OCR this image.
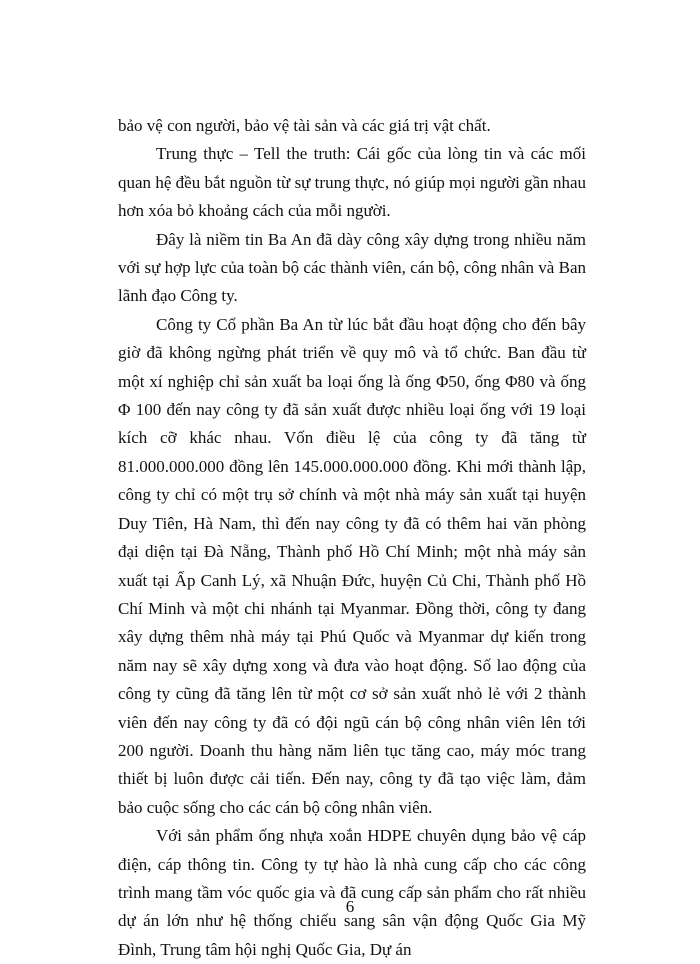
bảo vệ con người, bảo vệ tài sản và các giá trị vật chất.

Trung thực – Tell the truth: Cái gốc của lòng tin và các mối quan hệ đều bắt nguồn từ sự trung thực, nó giúp mọi người gần nhau hơn xóa bỏ khoảng cách của mỗi người.

Đây là niềm tin Ba An đã dày công xây dựng trong nhiều năm với sự hợp lực của toàn bộ các thành viên, cán bộ, công nhân và Ban lãnh đạo Công ty.

Công ty Cổ phần Ba An từ lúc bắt đầu hoạt động cho đến bây giờ đã không ngừng phát triển về quy mô và tổ chức. Ban đầu từ một xí nghiệp chỉ sản xuất ba loại ống là ống Φ50, ống Φ80 và ống Φ 100 đến nay công ty đã sản xuất được nhiều loại ống với 19 loại kích cỡ khác nhau. Vốn điều lệ của công ty đã tăng từ 81.000.000.000 đồng lên 145.000.000.000 đồng. Khi mới thành lập, công ty chỉ có một trụ sở chính và một nhà máy sản xuất tại huyện Duy Tiên, Hà Nam, thì đến nay công ty đã có thêm hai văn phòng đại diện tại Đà Nẵng, Thành phố Hồ Chí Minh; một nhà máy sản xuất tại Ấp Canh Lý, xã Nhuận Đức, huyện Củ Chi, Thành phố Hồ Chí Minh và một chi nhánh tại Myanmar. Đồng thời, công ty đang xây dựng thêm nhà máy tại Phú Quốc và Myanmar dự kiến trong năm nay sẽ xây dựng xong và đưa vào hoạt động. Số lao động của công ty cũng đã tăng lên từ một cơ sở sản xuất nhỏ lẻ với 2 thành viên đến nay công ty đã có đội ngũ cán bộ công nhân viên lên tới 200 người. Doanh thu hàng năm liên tục tăng cao, máy móc trang thiết bị luôn được cải tiến. Đến nay, công ty đã tạo việc làm, đảm bảo cuộc sống cho các cán bộ công nhân viên.

Với sản phẩm ống nhựa xoắn HDPE chuyên dụng bảo vệ cáp điện, cáp thông tin. Công ty tự hào là nhà cung cấp cho các công trình mang tầm vóc quốc gia và đã cung cấp sản phẩm cho rất nhiều dự án lớn như hệ thống chiếu sang sân vận động Quốc Gia Mỹ Đình, Trung tâm hội nghị Quốc Gia, Dự án

6
